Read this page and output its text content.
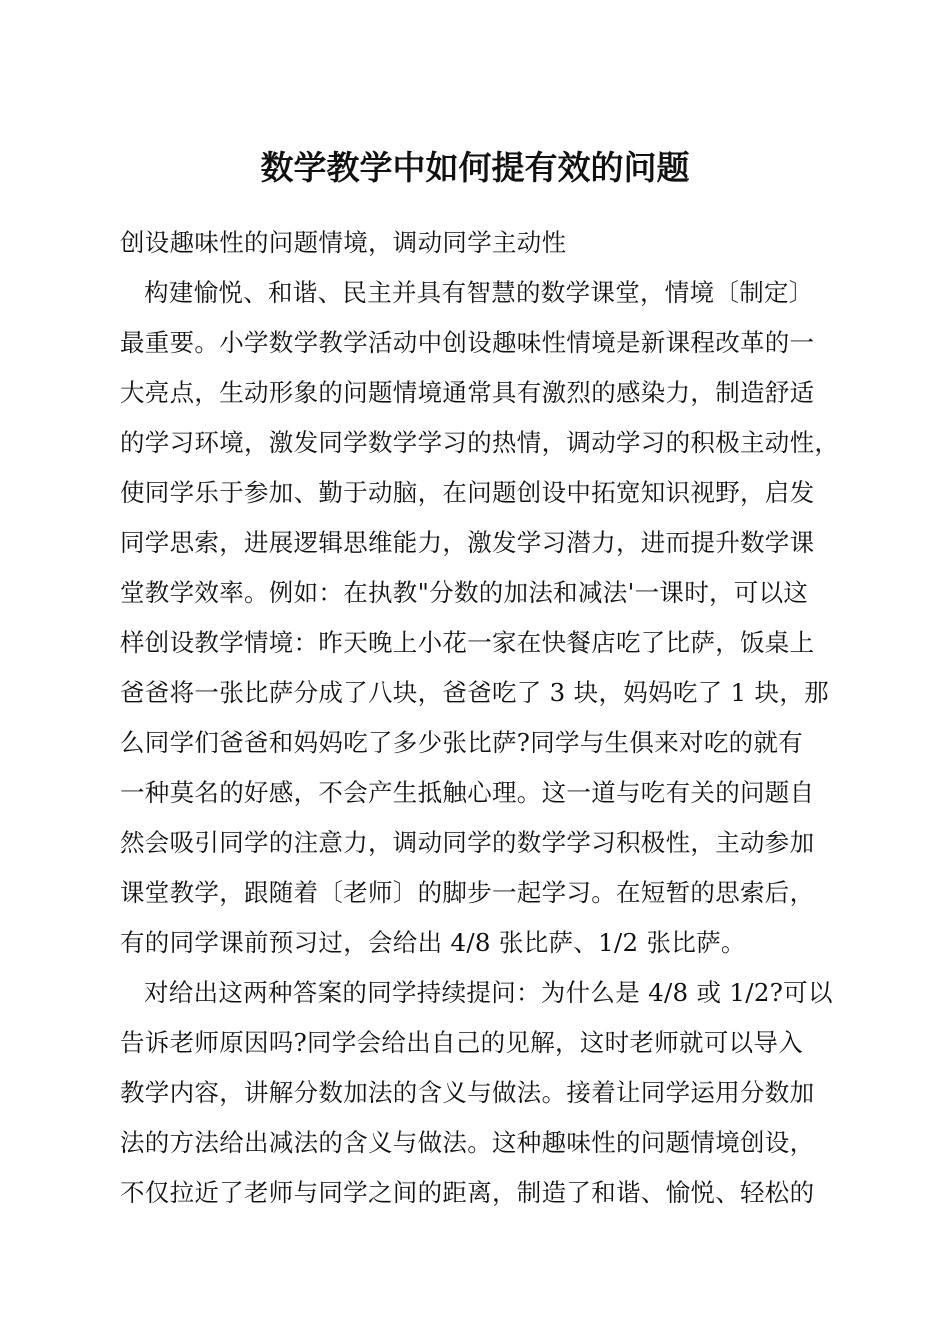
数学教学中如何提有效的问题
创设趣味性的问题情境，调动同学主动性
构建愉悦、和谐、民主并具有智慧的数学课堂，情境〔制定〕
最重要。小学数学教学活动中创设趣味性情境是新课程改革的一
大亮点，生动形象的问题情境通常具有激烈的感染力，制造舒适
的学习环境，激发同学数学学习的热情，调动学习的积极主动性，
使同学乐于参加、勤于动脑，在问题创设中拓宽知识视野，启发
同学思索，进展逻辑思维能力，激发学习潜力，进而提升数学课
堂教学效率。例如：在执教"分数的加法和减法'一课时，可以这
样创设教学情境：昨天晚上小花一家在快餐店吃了比萨，饭桌上
爸爸将一张比萨分成了八块，爸爸吃了 3 块，妈妈吃了 1 块，那
么同学们爸爸和妈妈吃了多少张比萨?同学与生俱来对吃的就有
一种莫名的好感，不会产生抵触心理。这一道与吃有关的问题自
然会吸引同学的注意力，调动同学的数学学习积极性，主动参加
课堂教学，跟随着〔老师〕的脚步一起学习。在短暂的思索后，
有的同学课前预习过，会给出 4/8 张比萨、1/2 张比萨。
对给出这两种答案的同学持续提问：为什么是 4/8 或 1/2?可以
告诉老师原因吗?同学会给出自己的见解，这时老师就可以导入
教学内容，讲解分数加法的含义与做法。接着让同学运用分数加
法的方法给出减法的含义与做法。这种趣味性的问题情境创设，
不仅拉近了老师与同学之间的距离，制造了和谐、愉悦、轻松的
